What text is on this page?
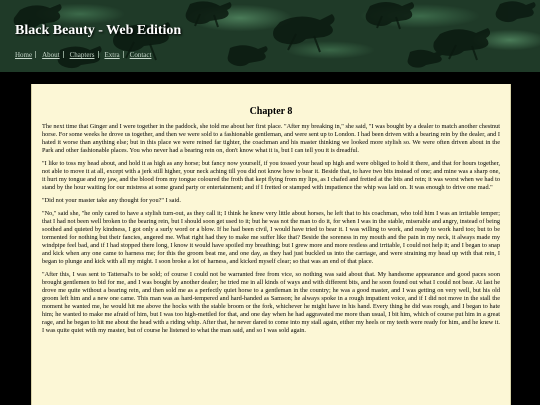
Black Beauty - Web Edition
Home About Chapters Extra Contact
Chapter 8

The next time that Ginger and I were together in the paddock, she told me about her first place. "After my breaking in," she said, "I was bought by a dealer to match another chestnut horse. For some weeks he drove us together, and then we were sold to a fashionable gentleman, and were sent up to London. I had been driven with a bearing rein by the dealer, and I hated it worse than anything else; but in this place we were reined far tighter, the coachman and his master thinking we looked more stylish so. We were often driven about in the Park and other fashionable places. You who never had a bearing rein on, don't know what it is, but I can tell you it is dreadful.

"I like to toss my head about, and hold it as high as any horse; but fancy now yourself, if you tossed your head up high and were obliged to hold it there, and that for hours together, not able to move it at all, except with a jerk still higher, your neck aching till you did not know how to bear it. Beside that, to have two bits instead of one; and mine was a sharp one, it hurt my tongue and my jaw, and the blood from my tongue coloured the froth that kept flying from my lips, as I chafed and fretted at the bits and rein; it was worst when we had to stand by the hour waiting for our mistress at some grand party or entertainment; and if I fretted or stamped with impatience the whip was laid on. It was enough to drive one mad."

"Did not your master take any thought for you?" I said.

"No," said she, "he only cared to have a stylish turn-out, as they call it; I think he knew very little about horses, he left that to his coachman, who told him I was an irritable temper; that I had not been well broken to the bearing rein, but I should soon get used to it; but he was not the man to do it, for when I was in the stable, miserable and angry, instead of being soothed and quieted by kindness, I got only a surly word or a blow. If he had been civil, I would have tried to bear it. I was willing to work, and ready to work hard too; but to be tormented for nothing but their fancies, angered me. What right had they to make me suffer like that? Beside the soreness in my mouth and the pain in my neck, it always made my windpipe feel bad, and if I had stopped there long, I know it would have spoiled my breathing; but I grew more and more restless and irritable, I could not help it; and I began to snap and kick when any one came to harness me; for this the groom beat me, and one day, as they had just buckled us into the carriage, and were straining my head up with that rein, I began to plunge and kick with all my might. I soon broke a lot of harness, and kicked myself clear; so that was an end of that place.

"After this, I was sent to Tattersal's to be sold; of course I could not be warranted free from vice, so nothing was said about that. My handsome appearance and good paces soon brought gentlemen to bid for me, and I was bought by another dealer; he tried me in all kinds of ways and with different bits, and he soon found out what I could not bear. At last he drove me quite without a bearing rein, and then sold me as a perfectly quiet horse to a gentleman in the country; he was a good master, and I was getting on very well, but his old groom left him and a new one came. This man was as hard-tempered and hard-handed as Samson; he always spoke in a rough impatient voice, and if I did not move in the stall the moment he wanted me, he would hit me above the hocks with the stable broom or the fork, whichever he might have in his hand. Every thing he did was rough, and I began to hate him; he wanted to make me afraid of him, but I was too high-mettled for that, and one day when he had aggravated me more than usual, I bit him, which of course put him in a great rage, and he began to hit me about the head with a riding whip. After that, he never dared to come into my stall again, either my heels or my teeth were ready for him, and he knew it. I was quite quiet with my master, but of course he listened to what the man said, and so I was sold again.
